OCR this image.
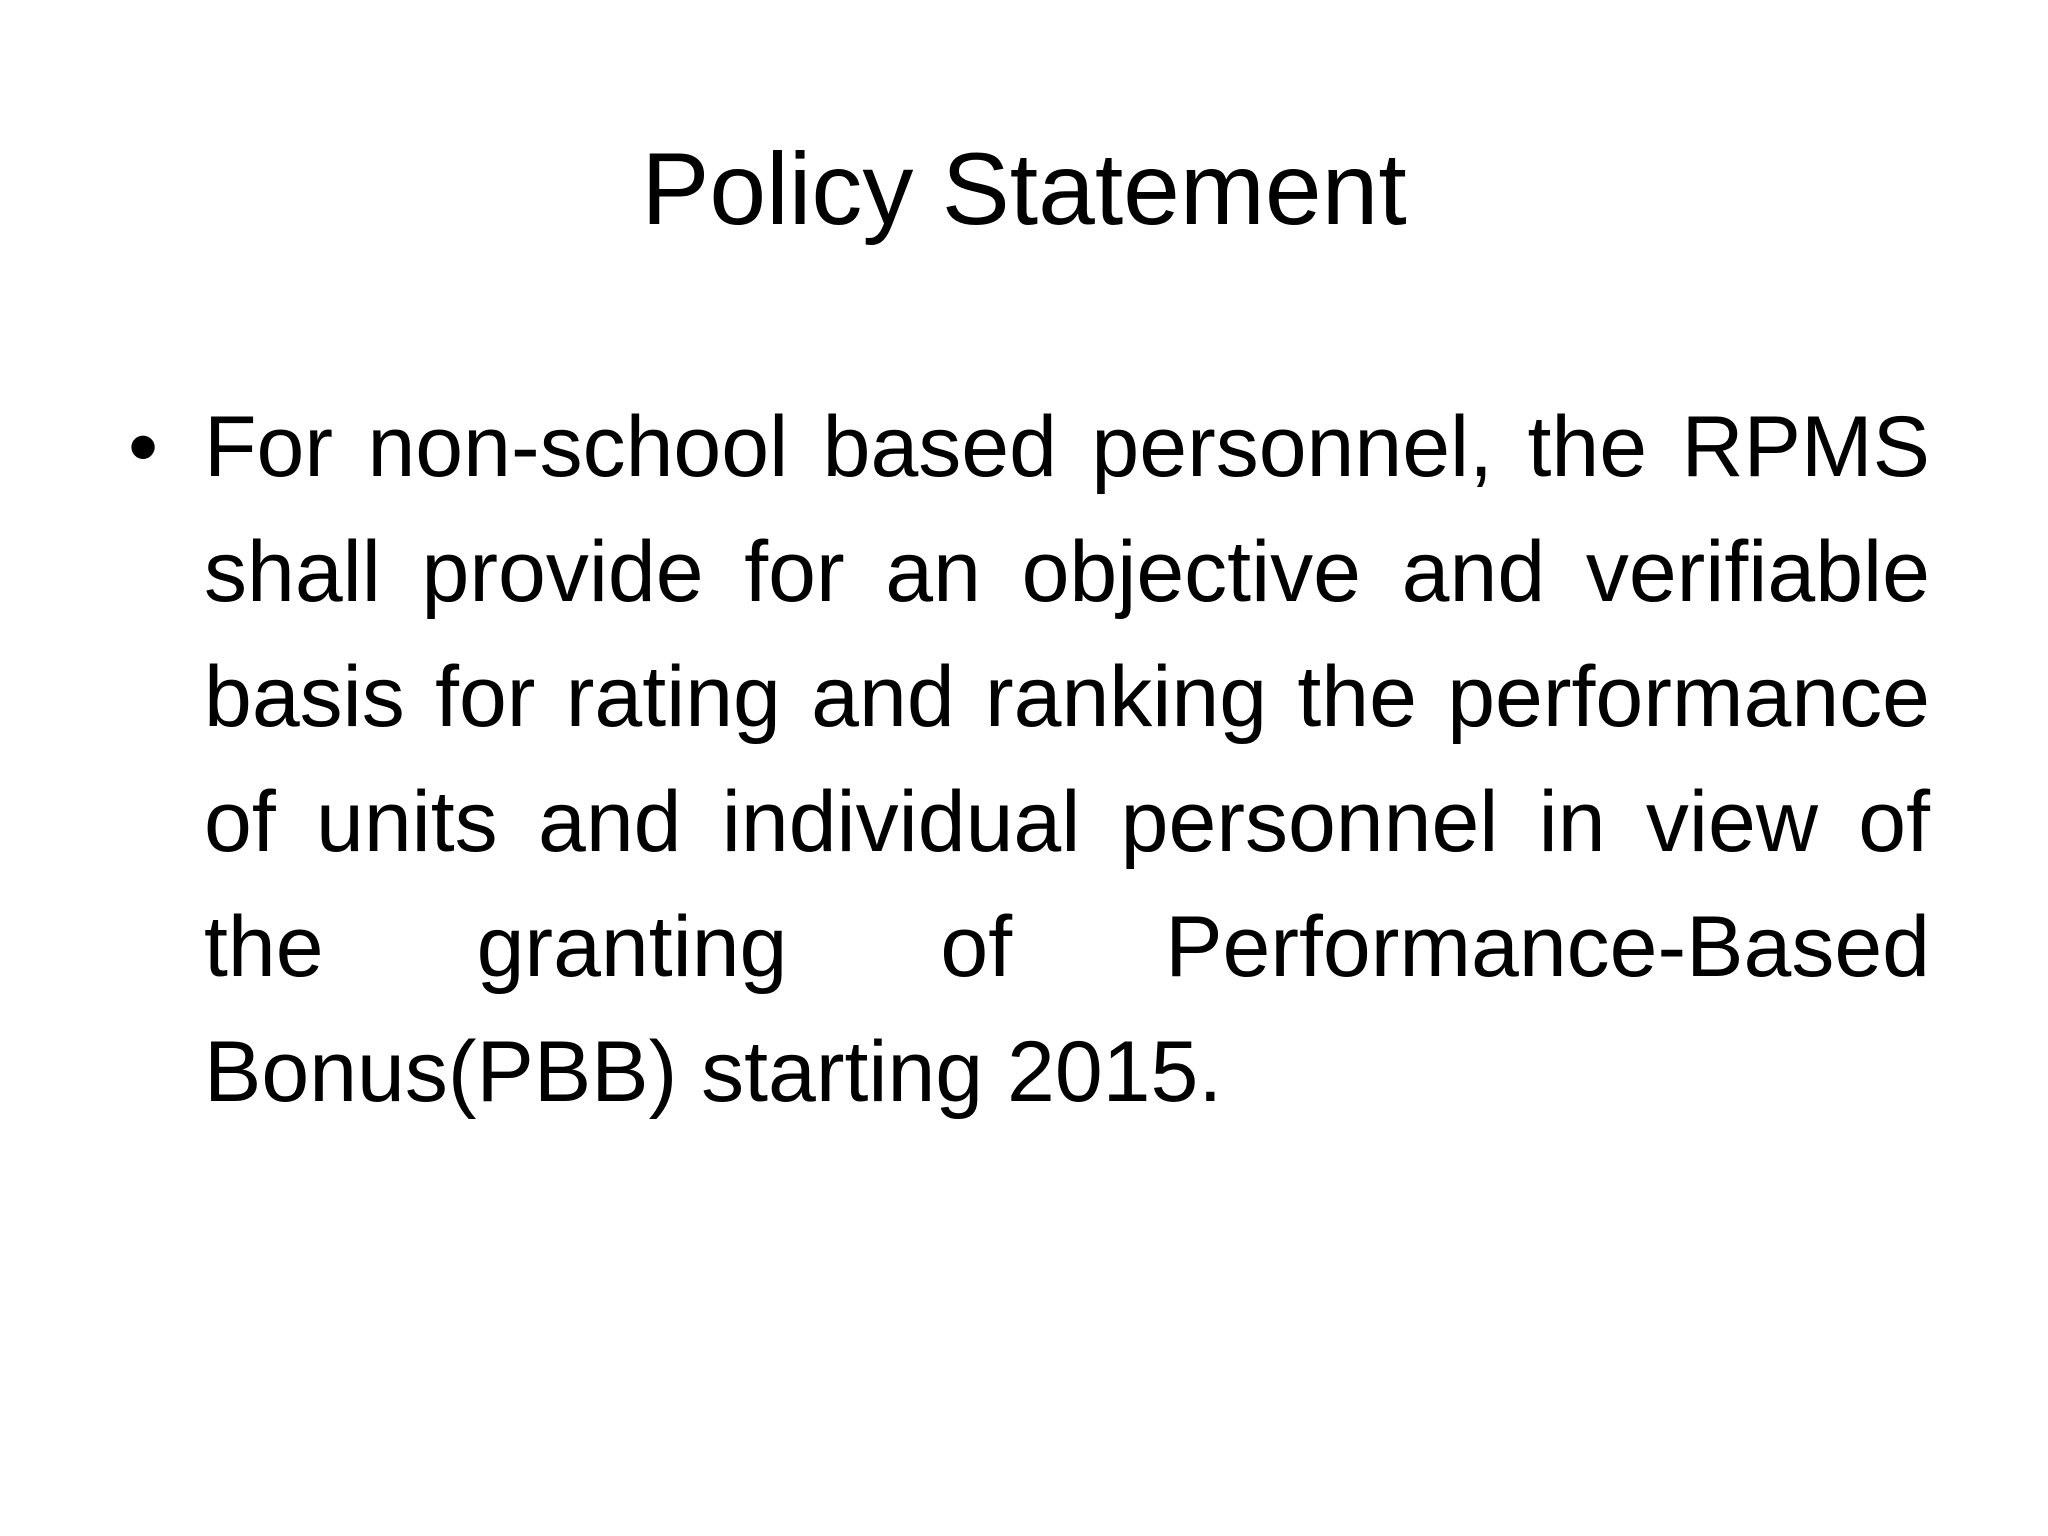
Policy Statement
• For non-school based personnel, the RPMS shall provide for an objective and verifiable basis for rating and ranking the performance of units and individual personnel in view of the granting of Performance-Based Bonus(PBB) starting 2015.
